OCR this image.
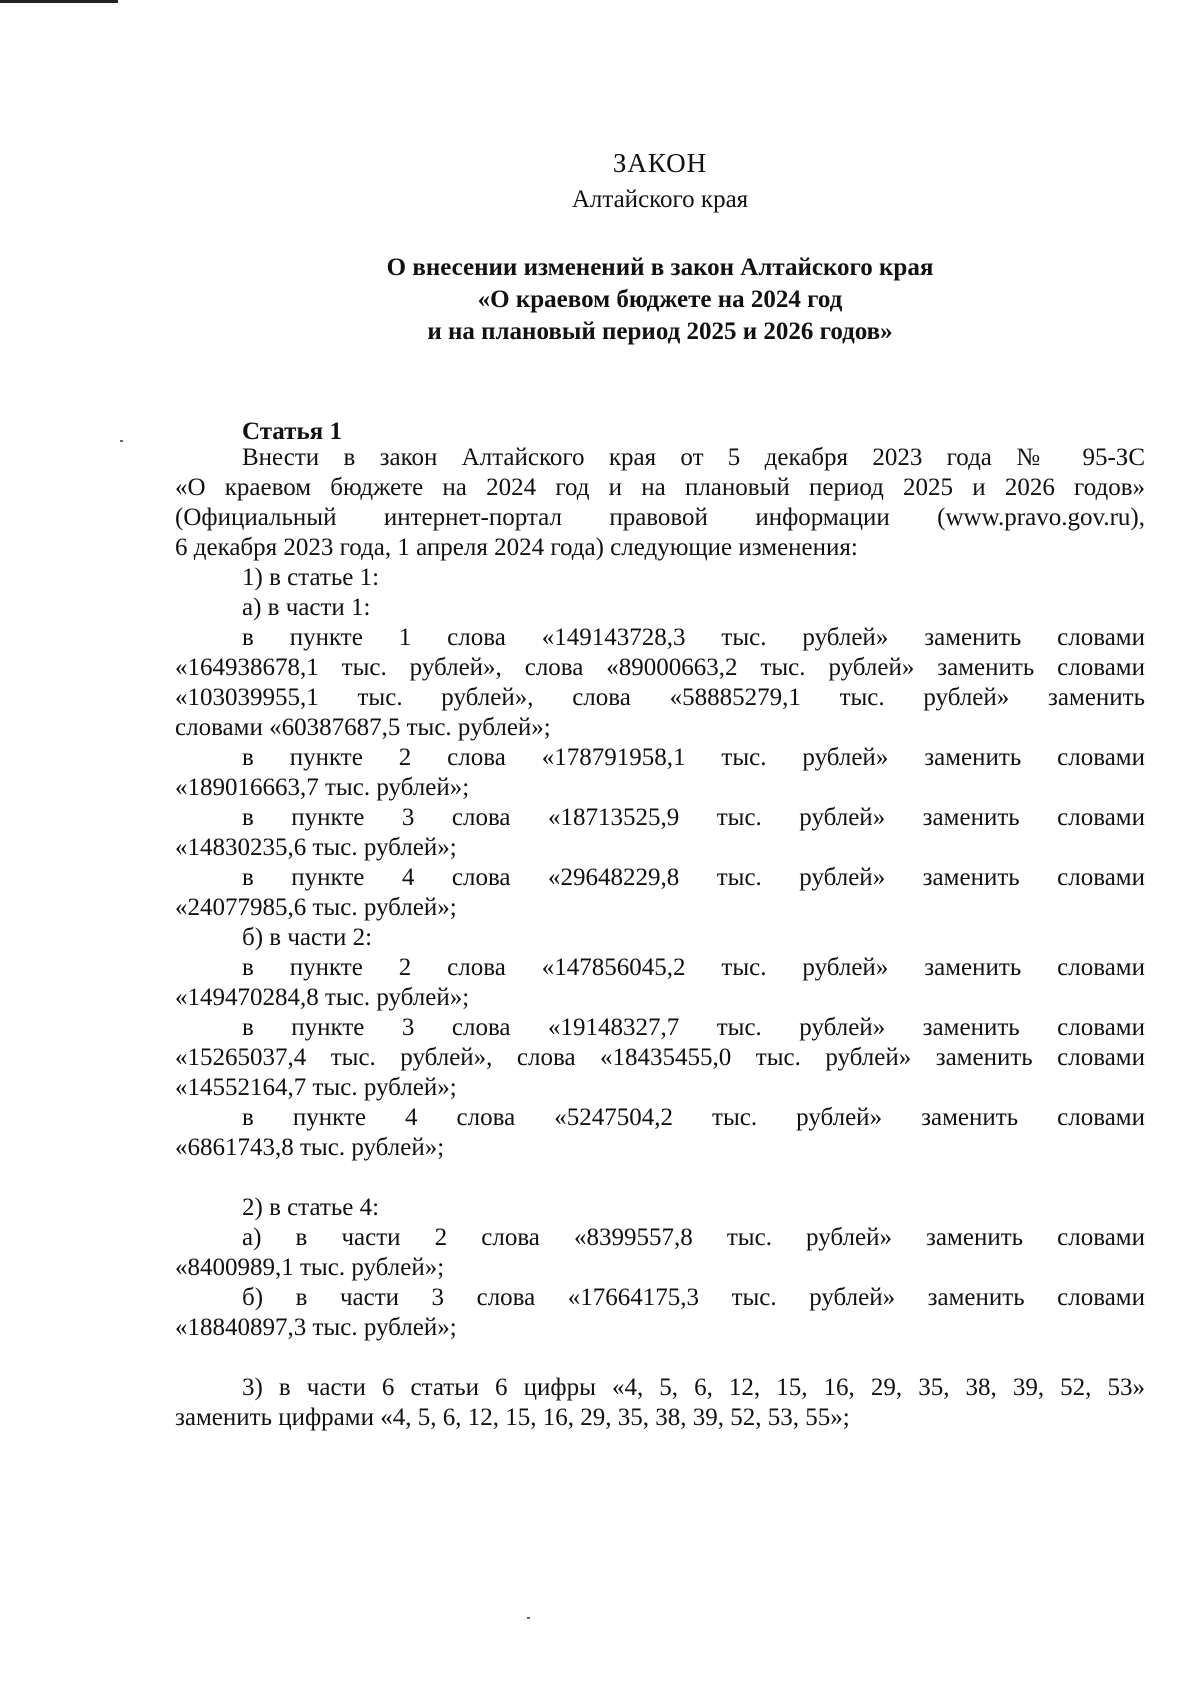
ЗАКОН
Алтайского края
О внесении изменений в закон Алтайского края
«О краевом бюджете на 2024 год
и на плановый период 2025 и 2026 годов»
Статья 1
Внести в закон Алтайского края от 5 декабря 2023 года № 95-ЗС
«О краевом бюджете на 2024 год и на плановый период 2025 и 2026 годов»
(Официальный интернет-портал правовой информации (www.pravo.gov.ru),
6 декабря 2023 года, 1 апреля 2024 года) следующие изменения:
1) в статье 1:
а) в части 1:
в пункте 1 слова «149143728,3 тыс. рублей» заменить словами
«164938678,1 тыс. рублей», слова «89000663,2 тыс. рублей» заменить словами
«103039955,1 тыс. рублей», слова «58885279,1 тыс. рублей» заменить
словами «60387687,5 тыс. рублей»;
в пункте 2 слова «178791958,1 тыс. рублей» заменить словами
«189016663,7 тыс. рублей»;
в пункте 3 слова «18713525,9 тыс. рублей» заменить словами
«14830235,6 тыс. рублей»;
в пункте 4 слова «29648229,8 тыс. рублей» заменить словами
«24077985,6 тыс. рублей»;
б) в части 2:
в пункте 2 слова «147856045,2 тыс. рублей» заменить словами
«149470284,8 тыс. рублей»;
в пункте 3 слова «19148327,7 тыс. рублей» заменить словами
«15265037,4 тыс. рублей», слова «18435455,0 тыс. рублей» заменить словами
«14552164,7 тыс. рублей»;
в пункте 4 слова «5247504,2 тыс. рублей» заменить словами
«6861743,8 тыс. рублей»;
2) в статье 4:
а) в части 2 слова «8399557,8 тыс. рублей» заменить словами
«8400989,1 тыс. рублей»;
б) в части 3 слова «17664175,3 тыс. рублей» заменить словами
«18840897,3 тыс. рублей»;
3) в части 6 статьи 6 цифры «4, 5, 6, 12, 15, 16, 29, 35, 38, 39, 52, 53»
заменить цифрами «4, 5, 6, 12, 15, 16, 29, 35, 38, 39, 52, 53, 55»;
